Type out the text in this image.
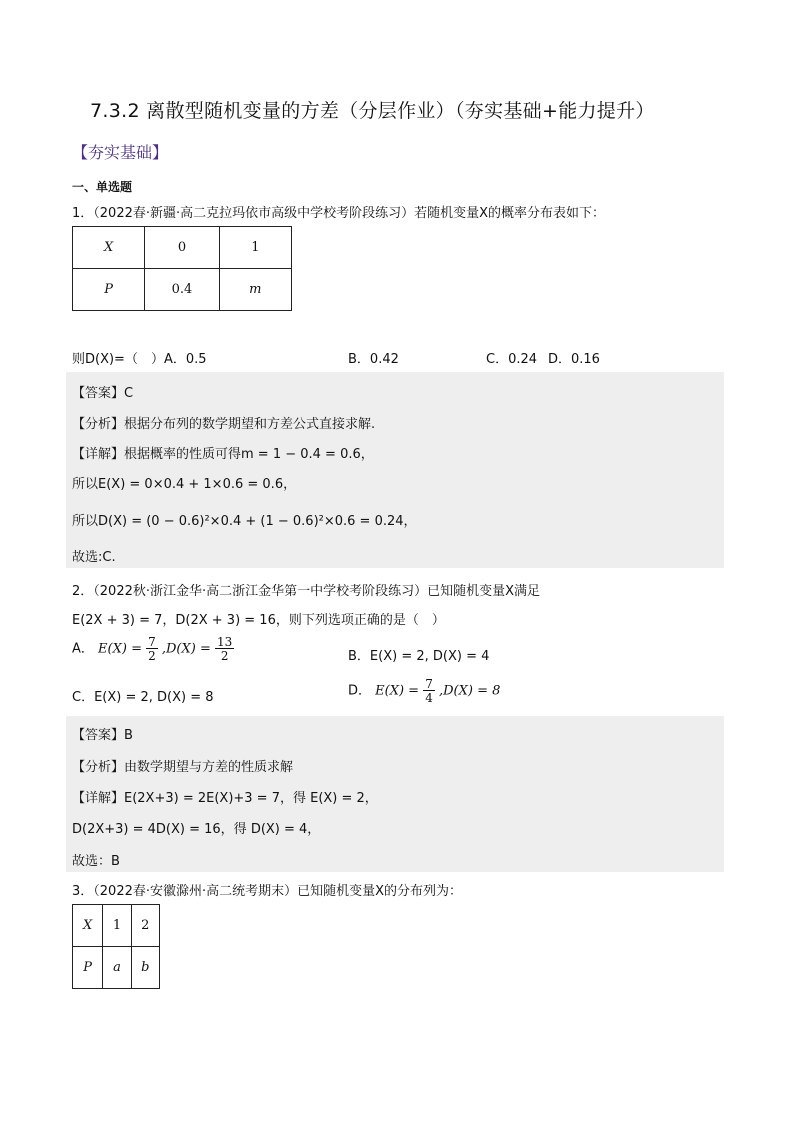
7.3.2 离散型随机变量的方差（分层作业）（夯实基础+能力提升）
【夯实基础】
一、单选题
1．（2022春·新疆·高二克拉玛依市高级中学校考阶段练习）若随机变量X的概率分布表如下：
X	0	1
P	0.4	m
则D(X)=（　）A．0.5	B．0.42	C．0.24 D．0.16
【答案】C
【分析】根据分布列的数学期望和方差公式直接求解.
【详解】根据概率的性质可得m = 1 − 0.4 = 0.6，
所以E(X) = 0×0.4 + 1×0.6 = 0.6，
所以D(X) = (0 − 0.6)²×0.4 + (1 − 0.6)²×0.6 = 0.24，
故选:C.
2．（2022秋·浙江金华·高二浙江金华第一中学校考阶段练习）已知随机变量X满足
E(2X + 3) = 7，D(2X + 3) = 16，则下列选项正确的是（　）
A． $E(X) = \frac{7}{2} ,D(X) = \frac{13}{2}$	B．E(X) = 2, D(X) = 4
C．E(X) = 2, D(X) = 8	D． $E(X) = \frac{7}{4} ,D(X) = 8$
【答案】B
【分析】由数学期望与方差的性质求解
【详解】E(2X+3) = 2E(X)+3 = 7，得 E(X) = 2，
D(2X+3) = 4D(X) = 16，得 D(X) = 4，
故选：B
3．（2022春·安徽滁州·高二统考期末）已知随机变量X的分布列为：
X	1	2
P	a	b
